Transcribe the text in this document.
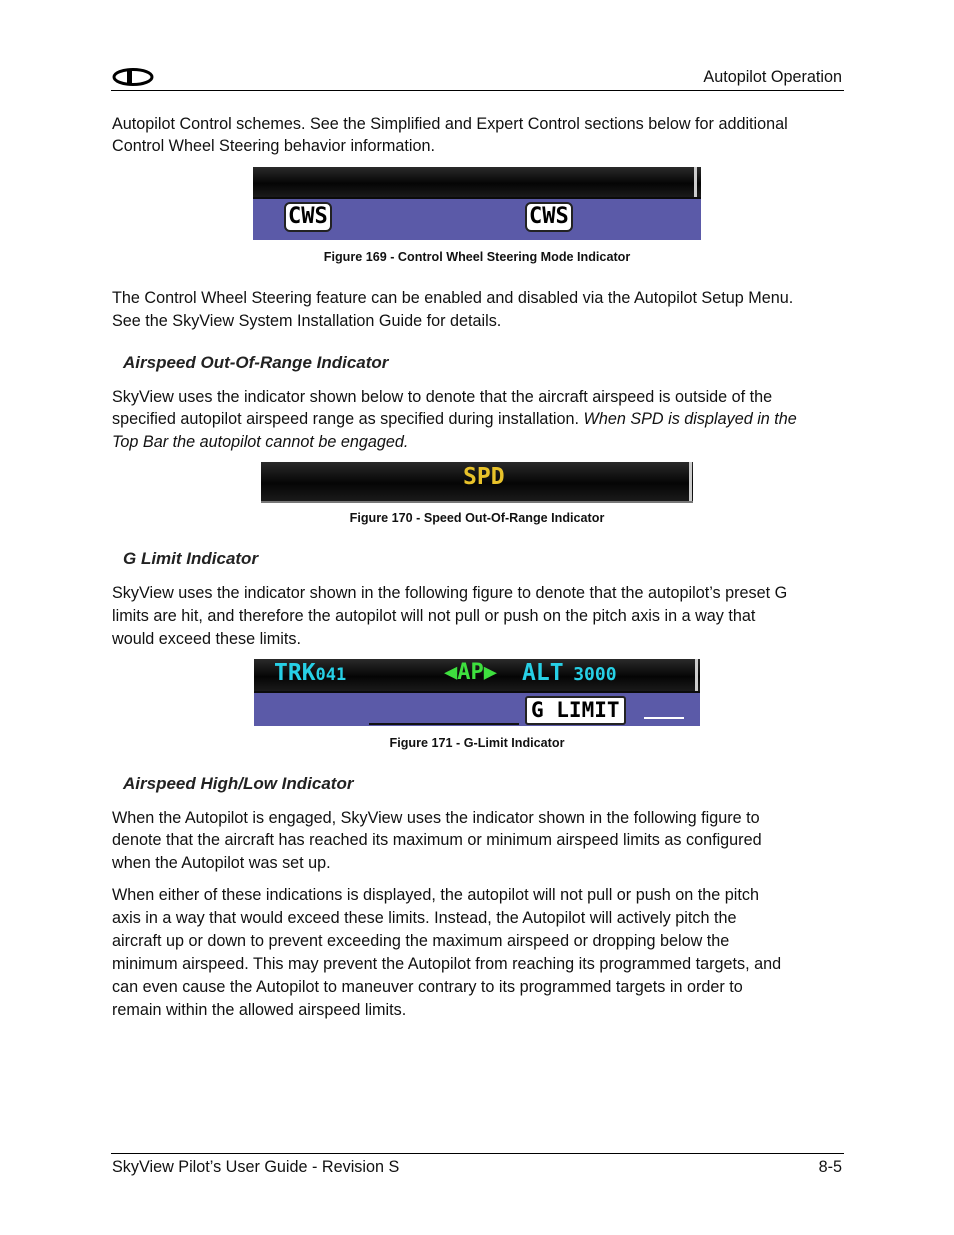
Autopilot Operation
Autopilot Control schemes. See the Simplified and Expert Control sections below for additional
Control Wheel Steering behavior information.
CWS	CWS
Figure 169 - Control Wheel Steering Mode Indicator
The Control Wheel Steering feature can be enabled and disabled via the Autopilot Setup Menu.
See the SkyView System Installation Guide for details.
Airspeed Out-Of-Range Indicator
SkyView uses the indicator shown below to denote that the aircraft airspeed is outside of the
specified autopilot airspeed range as specified during installation. When SPD is displayed in the
Top Bar the autopilot cannot be engaged.
SPD
Figure 170 - Speed Out-Of-Range Indicator
G Limit Indicator
SkyView uses the indicator shown in the following figure to denote that the autopilot’s preset G
limits are hit, and therefore the autopilot will not pull or push on the pitch axis in a way that
would exceed these limits.
TRK041	◀AP▶ ALT 3000
G LIMIT
Figure 171 - G-Limit Indicator
Airspeed High/Low Indicator
When the Autopilot is engaged, SkyView uses the indicator shown in the following figure to
denote that the aircraft has reached its maximum or minimum airspeed limits as configured
when the Autopilot was set up.
When either of these indications is displayed, the autopilot will not pull or push on the pitch
axis in a way that would exceed these limits. Instead, the Autopilot will actively pitch the
aircraft up or down to prevent exceeding the maximum airspeed or dropping below the
minimum airspeed. This may prevent the Autopilot from reaching its programmed targets, and
can even cause the Autopilot to maneuver contrary to its programmed targets in order to
remain within the allowed airspeed limits.
SkyView Pilot’s User Guide - Revision S	8-5
